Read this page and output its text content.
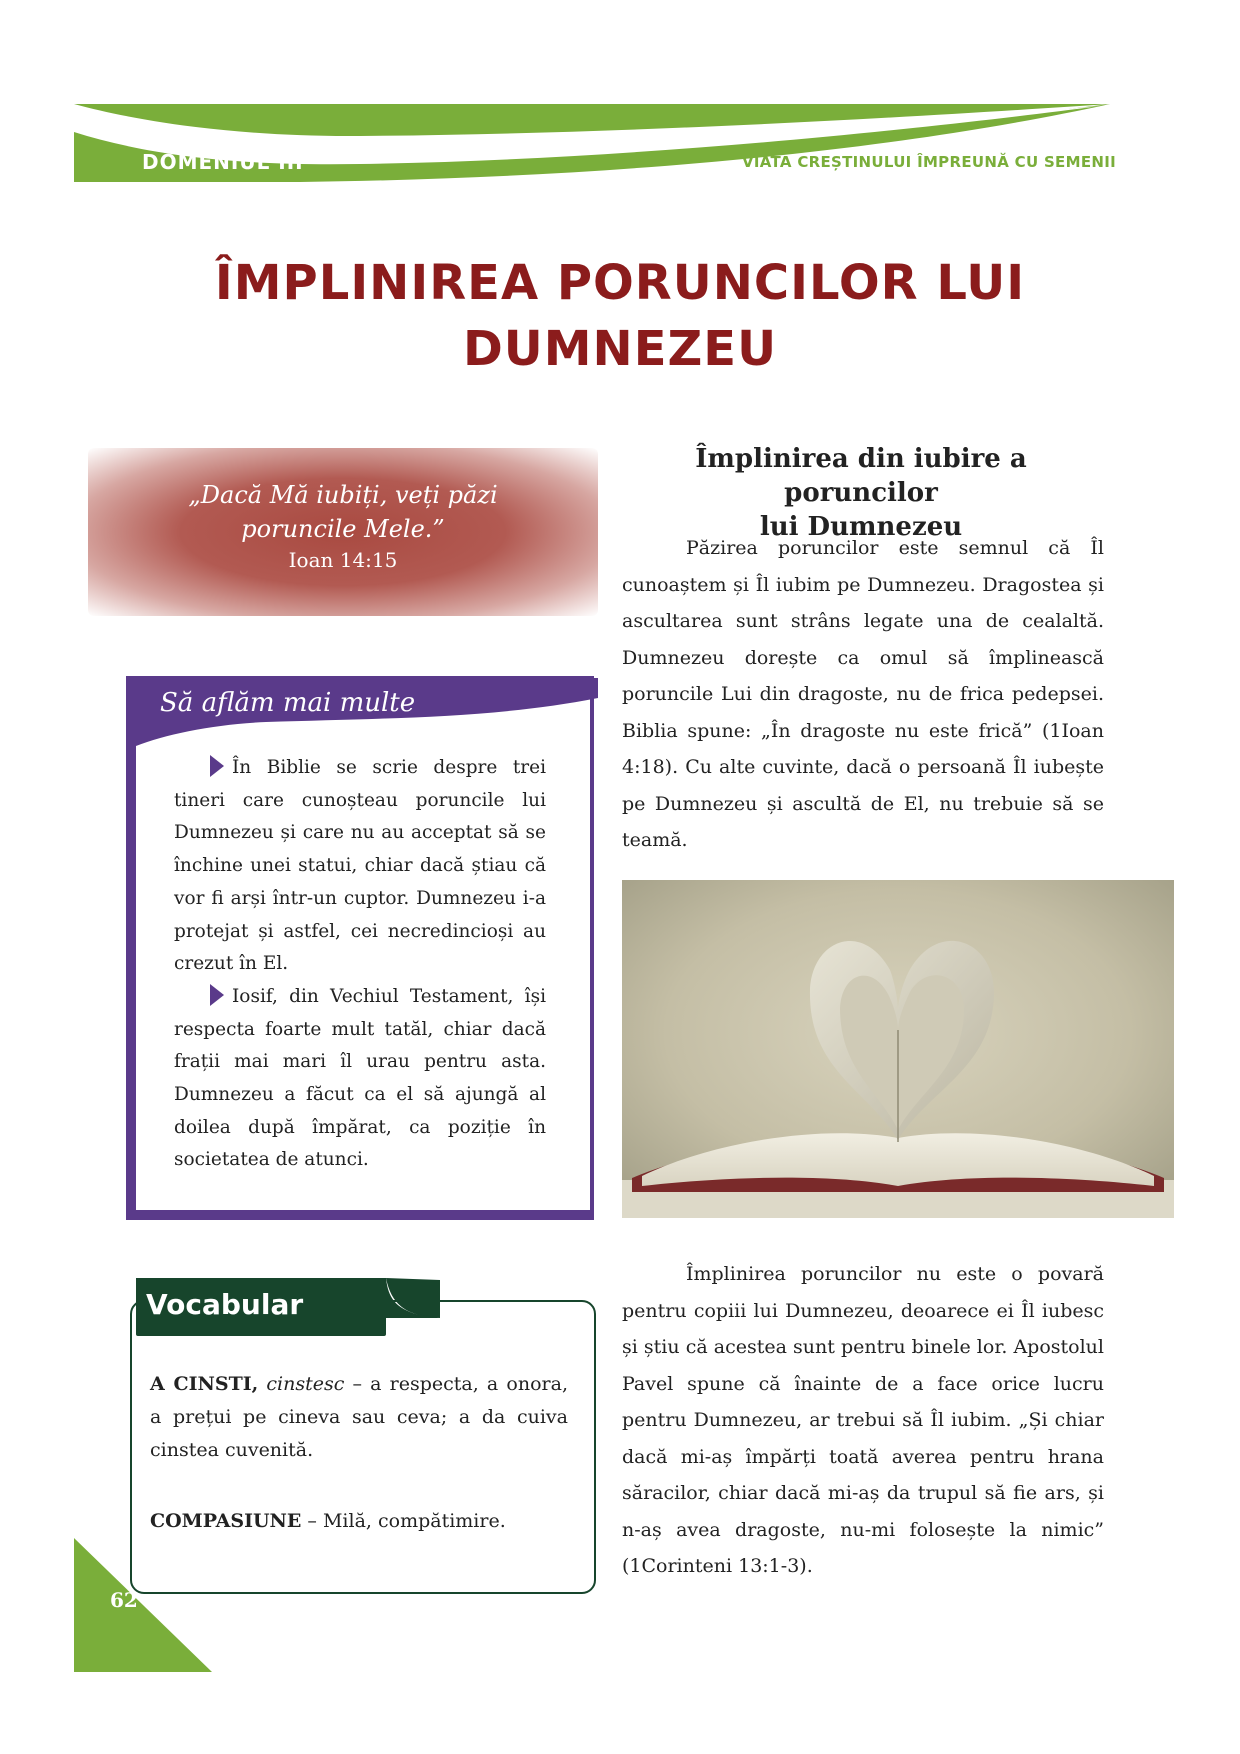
DOMENIUL III	VIATA CREȘTINULUI ÎMPREUNĂ CU SEMENII
ÎMPLINIREA PORUNCILOR LUI
DUMNEZEU
„Dacă Mă iubiți, veți păzi
poruncile Mele.”
Ioan 14:15
Să aflăm mai multe
În Biblie se scrie despre trei tineri care cunoșteau poruncile lui Dumnezeu și care nu au acceptat să se închine unei statui, chiar dacă știau că vor fi arși într-un cuptor. Dumnezeu i-a protejat și astfel, cei necredincioși au crezut în El.
Iosif, din Vechiul Testament, își respecta foarte mult tatăl, chiar dacă frații mai mari îl urau pentru asta. Dumnezeu a făcut ca el să ajungă al doilea după împărat, ca poziție în societatea de atunci.
Vocabular
A CINSTI, cinstesc – a respecta, a onora, a prețui pe cineva sau ceva; a da cuiva cinstea cuvenită.
COMPASIUNE – Milă, compătimire.
62
Împlinirea din iubire a poruncilor
lui Dumnezeu
Păzirea poruncilor este semnul că Îl cunoaștem și Îl iubim pe Dumnezeu. Dragostea și ascultarea sunt strâns legate una de cealaltă. Dumnezeu dorește ca omul să împlinească poruncile Lui din dragoste, nu de frica pedepsei. Biblia spune: „În dragoste nu este frică” (1Ioan 4:18). Cu alte cuvinte, dacă o persoană Îl iubește pe Dumnezeu și ascultă de El, nu trebuie să se teamă.
Împlinirea poruncilor nu este o povară pentru copiii lui Dumnezeu, deoarece ei Îl iubesc și știu că acestea sunt pentru binele lor. Apostolul Pavel spune că înainte de a face orice lucru pentru Dumnezeu, ar trebui să Îl iubim. „Și chiar dacă mi-aș împărți toată averea pentru hrana săracilor, chiar dacă mi-aș da trupul să fie ars, și n-aș avea dragoste, nu-mi folosește la nimic” (1Corinteni 13:1-3).
